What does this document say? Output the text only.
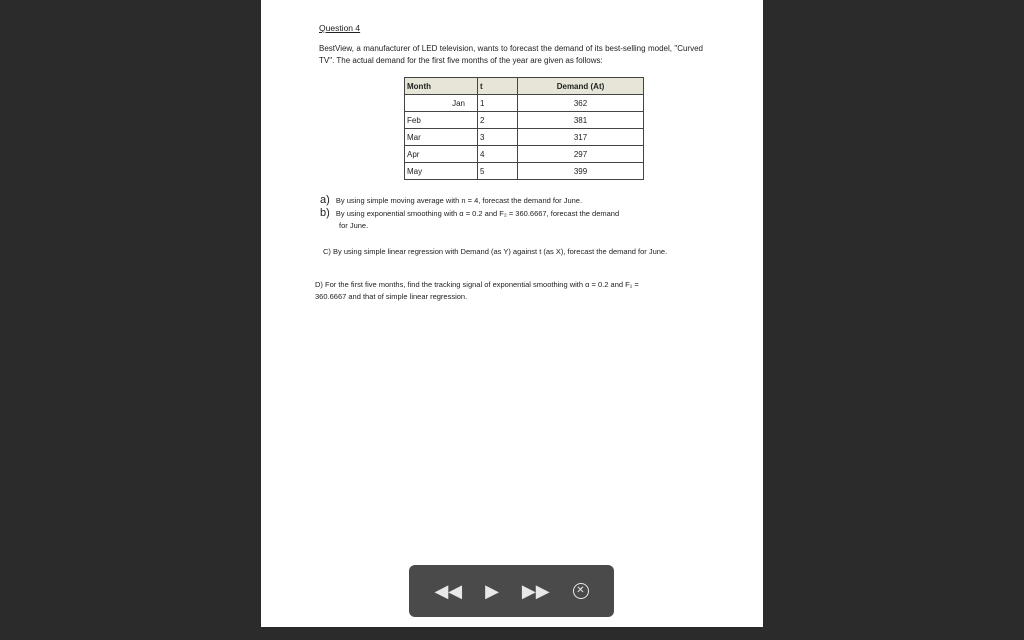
Question 4
BestView, a manufacturer of LED television, wants to forecast the demand of its best-selling model, "Curved TV". The actual demand for the first five months of the year are given as follows:
Month	t	Demand (At)
Jan	1	362
Feb	2	381
Mar	3	317
Apr	4	297
May	5	399
a) By using simple moving average with n = 4, forecast the demand for June.
b) By using exponential smoothing with α = 0.2 and F₂ = 360.6667, forecast the demand
for June.
C) By using simple linear regression with Demand (as Y) against t (as X), forecast the demand for June.
D) For the first five months, find the tracking signal of exponential smoothing with α = 0.2 and F₁ = 360.6667 and that of simple linear regression.
◀◀ ▶ ▶▶	✕
